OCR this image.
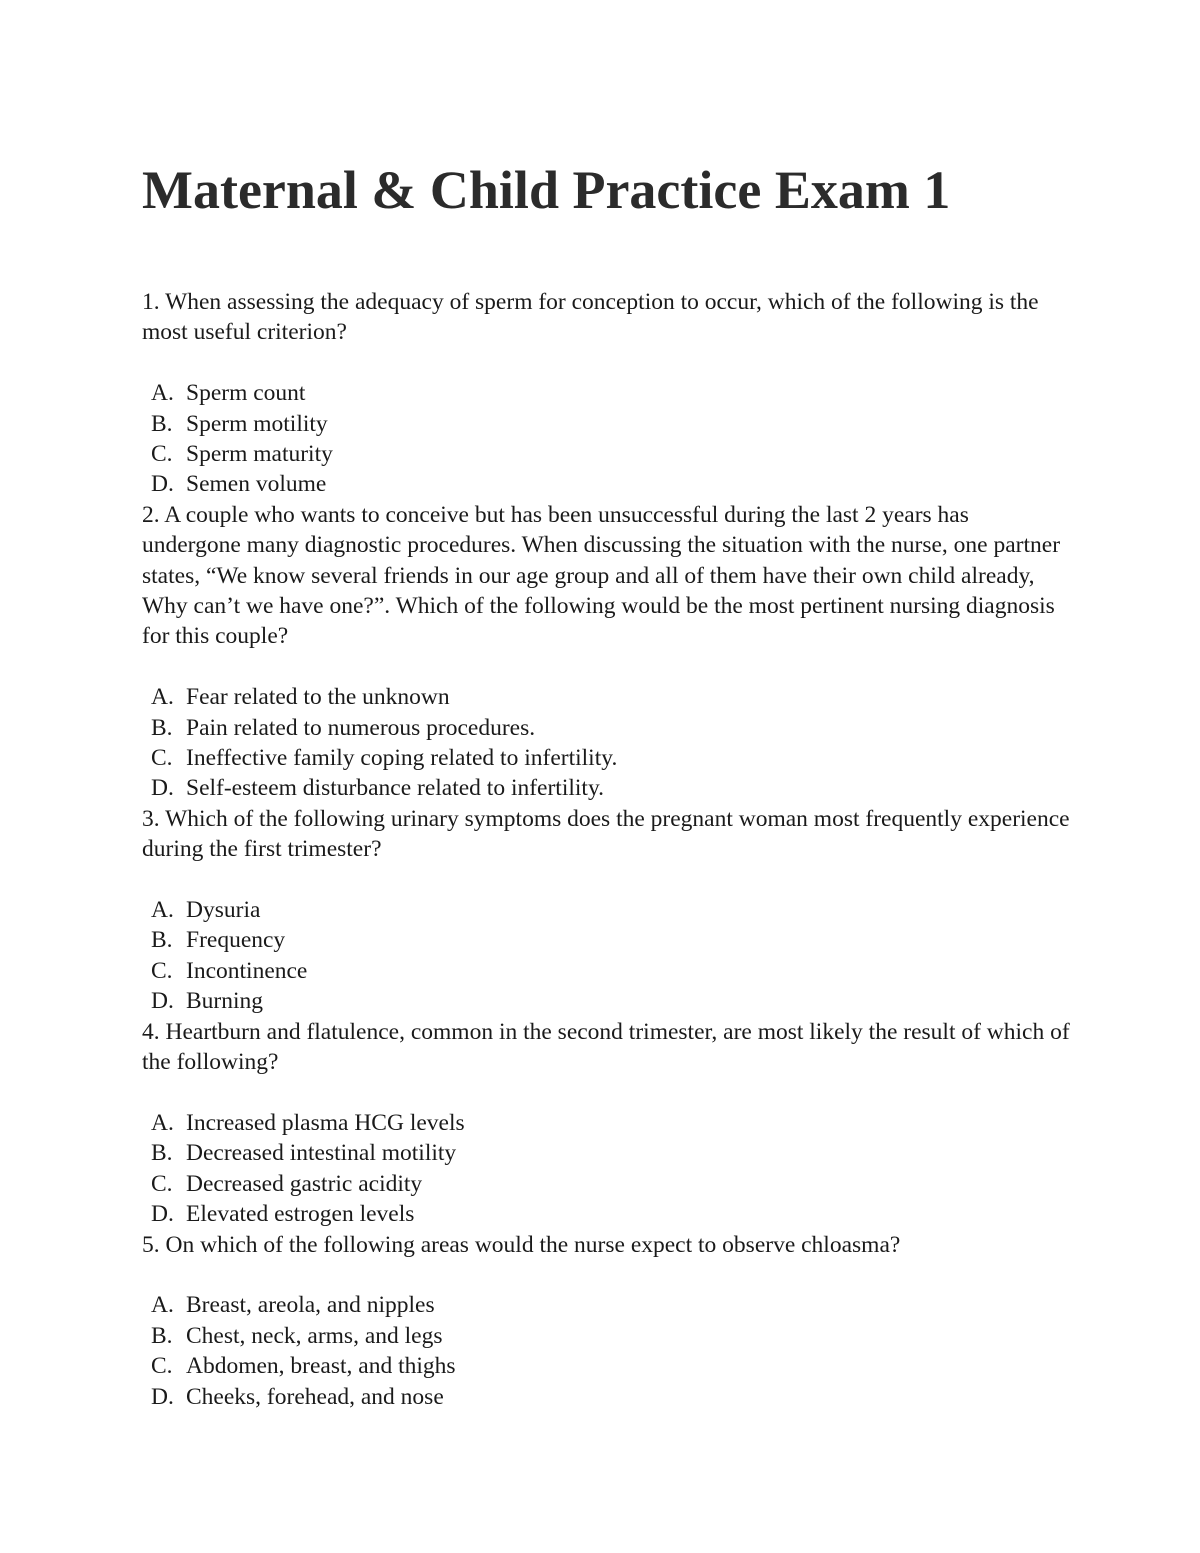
Maternal & Child Practice Exam 1

1. When assessing the adequacy of sperm for conception to occur, which of the following is the most useful criterion?

A. Sperm count
B. Sperm motility
C. Sperm maturity
D. Semen volume

2. A couple who wants to conceive but has been unsuccessful during the last 2 years has undergone many diagnostic procedures. When discussing the situation with the nurse, one partner states, “We know several friends in our age group and all of them have their own child already, Why can’t we have one?”. Which of the following would be the most pertinent nursing diagnosis for this couple?

A. Fear related to the unknown
B. Pain related to numerous procedures.
C. Ineffective family coping related to infertility.
D. Self-esteem disturbance related to infertility.

3. Which of the following urinary symptoms does the pregnant woman most frequently experience during the first trimester?

A. Dysuria
B. Frequency
C. Incontinence
D. Burning

4. Heartburn and flatulence, common in the second trimester, are most likely the result of which of the following?

A. Increased plasma HCG levels
B. Decreased intestinal motility
C. Decreased gastric acidity
D. Elevated estrogen levels

5. On which of the following areas would the nurse expect to observe chloasma?

A. Breast, areola, and nipples
B. Chest, neck, arms, and legs
C. Abdomen, breast, and thighs
D. Cheeks, forehead, and nose
